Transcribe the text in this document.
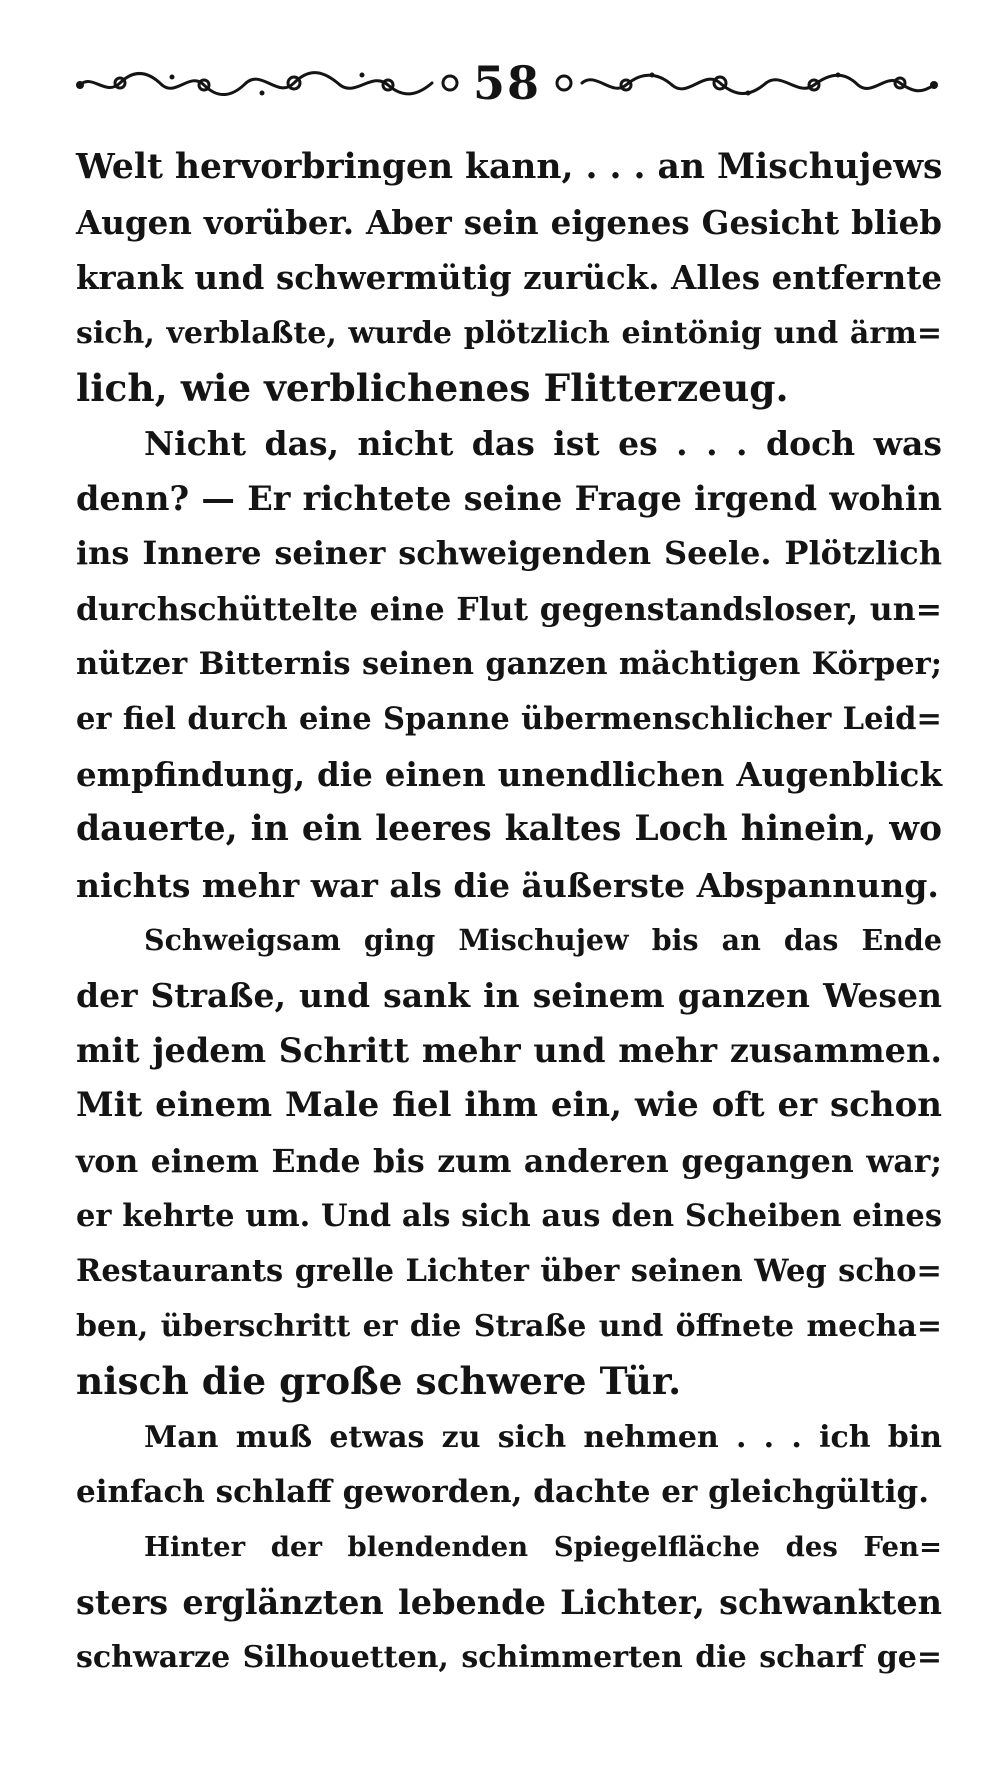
58

Welt hervorbringen kann, . . . an Mischujews
Augen vorüber. Aber sein eigenes Gesicht blieb
krank und schwermütig zurück. Alles entfernte
sich, verblaßte, wurde plötzlich eintönig und ärm=
lich, wie verblichenes Flitterzeug.

Nicht das, nicht das ist es . . . doch was
denn? — Er richtete seine Frage irgend wohin
ins Innere seiner schweigenden Seele. Plötzlich
durchschüttelte eine Flut gegenstandsloser, un=
nützer Bitternis seinen ganzen mächtigen Körper;
er fiel durch eine Spanne übermenschlicher Leid=
empfindung, die einen unendlichen Augenblick
dauerte, in ein leeres kaltes Loch hinein, wo
nichts mehr war als die äußerste Abspannung.

Schweigsam ging Mischujew bis an das Ende
der Straße, und sank in seinem ganzen Wesen
mit jedem Schritt mehr und mehr zusammen.
Mit einem Male fiel ihm ein, wie oft er schon
von einem Ende bis zum anderen gegangen war;
er kehrte um. Und als sich aus den Scheiben eines
Restaurants grelle Lichter über seinen Weg scho=
ben, überschritt er die Straße und öffnete mecha=
nisch die große schwere Tür.

Man muß etwas zu sich nehmen . . . ich bin
einfach schlaff geworden, dachte er gleichgültig.

Hinter der blendenden Spiegelfläche des Fen=
sters erglänzten lebende Lichter, schwankten
schwarze Silhouetten, schimmerten die scharf ge=
